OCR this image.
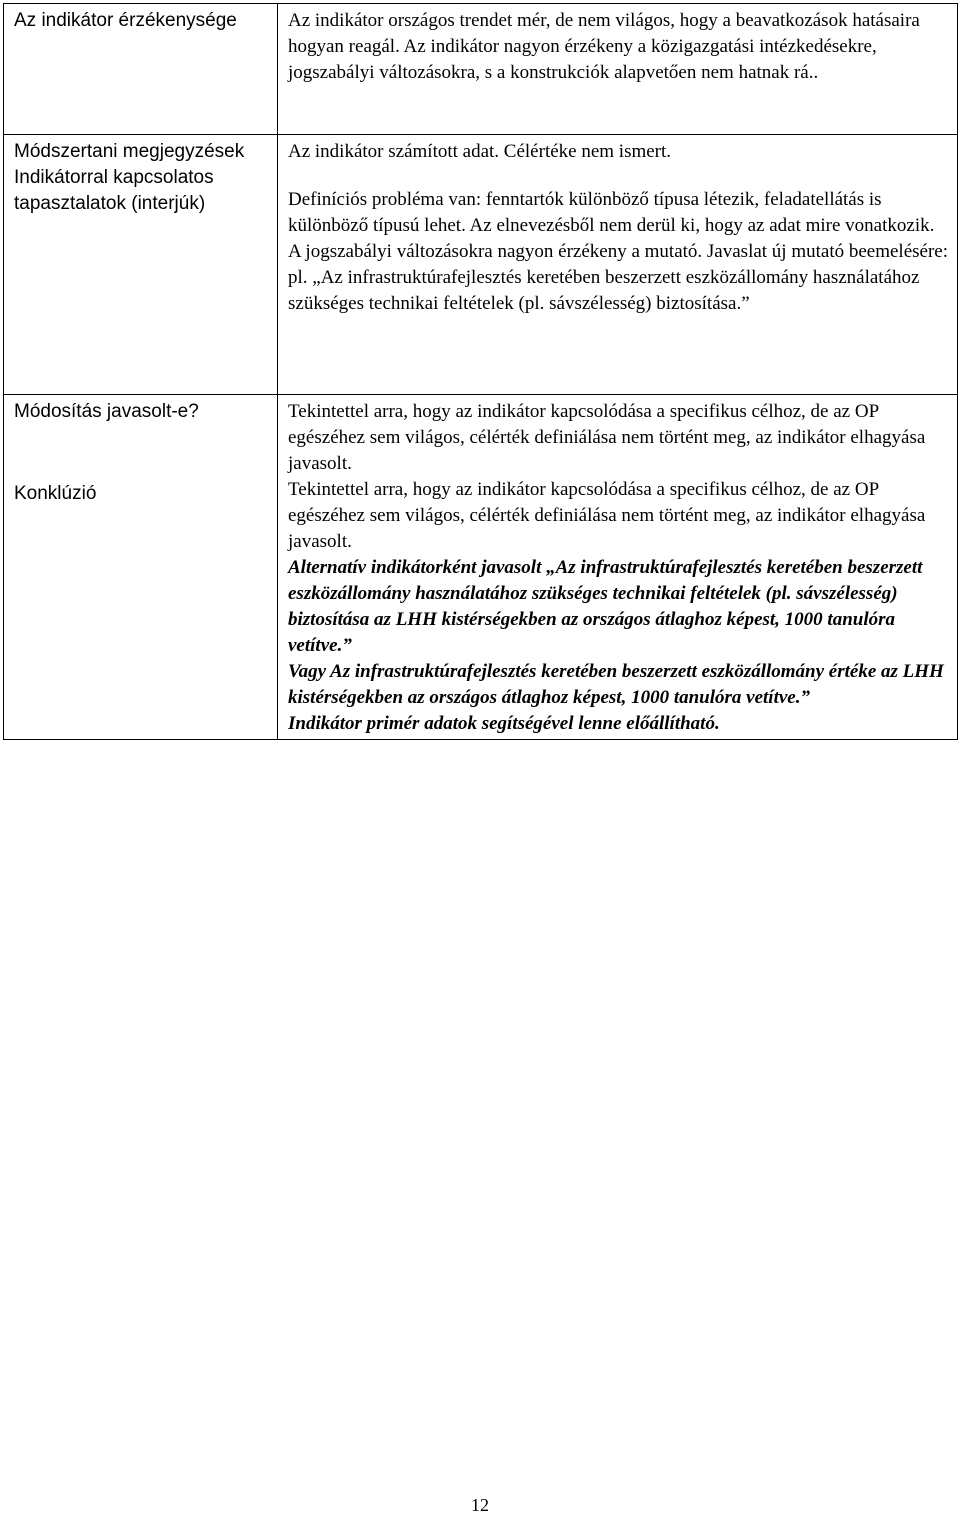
Az indikátor érzékenysége	Az indikátor országos trendet mér, de nem világos, hogy a beavatkozások hatásaira hogyan reagál. Az indikátor nagyon érzékeny a közigazgatási intézkedésekre, jogszabályi változásokra, s a konstrukciók alapvetően nem hatnak rá..

Módszertani megjegyzések
Indikátorral kapcsolatos tapasztalatok (interjúk)	Az indikátor számított adat. Célértéke nem ismert.
Definíciós probléma van: fenntartók különböző típusa létezik, feladatellátás is különböző típusú lehet. Az elnevezésből nem derül ki, hogy az adat mire vonatkozik. A jogszabályi változásokra nagyon érzékeny a mutató. Javaslat új mutató beemelésére: pl. „Az infrastruktúrafejlesztés keretében beszerzett eszközállomány használatához szükséges technikai feltételek (pl. sávszélesség) biztosítása.”

Módosítás javasolt-e?
Konklúzió	Tekintettel arra, hogy az indikátor kapcsolódása a specifikus célhoz, de az OP egészéhez sem világos, célérték definiálása nem történt meg, az indikátor elhagyása javasolt.
Tekintettel arra, hogy az indikátor kapcsolódása a specifikus célhoz, de az OP egészéhez sem világos, célérték definiálása nem történt meg, az indikátor elhagyása javasolt.
Alternatív indikátorként javasolt „Az infrastruktúrafejlesztés keretében beszerzett eszközállomány használatához szükséges technikai feltételek (pl. sávszélesség) biztosítása az LHH kistérségekben az országos átlaghoz képest, 1000 tanulóra vetítve.”
Vagy Az infrastruktúrafejlesztés keretében beszerzett eszközállomány értéke az LHH kistérségekben az országos átlaghoz képest, 1000 tanulóra vetítve.”
Indikátor primér adatok segítségével lenne előállítható.
12
